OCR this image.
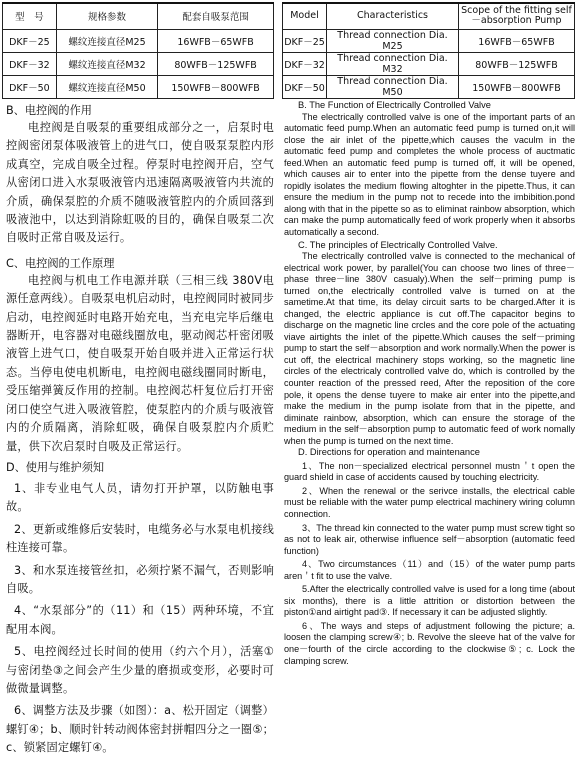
型　号	规格参数	配套自吸泵范围
DKF－25	螺纹连接直径M25	16WFB－65WFB
DKF－32	螺纹连接直径M32	80WFB－125WFB
DKF－50	螺纹连接直径M50	150WFB－800WFB
B、电控阀的作用

电控阀是自吸泵的重要组成部分之一，启泵时电控阀密闭泵体吸液管上的进气口，使自吸泵泵腔内形成真空，完成自吸全过程。停泵时电控阀开启，空气从密闭口进入水泵吸液管内迅速隔离吸液管内共流的介质，确保泵腔的介质不随吸液管腔内的介质回落到吸液池中，以达到消除虹吸的目的，确保自吸泵二次自吸时正常自吸及运行。

C、电控阀的工作原理

电控阀与机电工作电源并联（三相三线 380V电源任意两线）。自吸泵电机启动时，电控阀同时被同步启动，电控阀延时电路开始充电，当充电完毕后继电器断开，电容器对电磁线圈放电，驱动阀芯杆密闭吸液管上进气口，使自吸泵开始自吸并进入正常运行状态。当停电使电机断电，电控阀电磁线圈同时断电，受压缩弹簧反作用的控制。电控阀芯杆复位后打开密闭口使空气进入吸液管腔，使泵腔内的介质与吸液管内的介质隔离，消除虹吸，确保自吸泵腔内介质贮量，供下次启泵时自吸及正常运行。

D、使用与维护须知

1、非专业电气人员，请勿打开护罩，以防触电事故。

2、更新或维修后安装时，电缆务必与水泵电机接线柱连接可靠。

3、和水泵连接管丝扣，必须拧紧不漏气，否则影响自吸。

4、“水泵部分”的（11）和（15）两种环境，不宜配用本阀。

5、电控阀经过长时间的使用（约六个月），活塞①与密闭垫③之间会产生少量的磨损或变形，必要时可做微量调整。

6、调整方法及步骤（如图）：a、松开固定（调整）螺钉④；b、顺时针转动阀体密封拼帽四分之一圈⑤；c、锁紧固定螺钉④。

Model	Characteristics	Scope of the fitting self－absorption Pump
DKF－25	Thread connection Dia. M25	16WFB－65WFB
DKF－32	Thread connection Dia. M32	80WFB－125WFB
DKF－50	Thread connection Dia. M50	150WFB－800WFB
B. The Function of Electrically Controlled Valve

The electrically controlled valve is one of the important parts of an automatic feed pump.When an automatic feed pump is turned on,it will close the air inlet of the pipette,which causes the vaculm in the automatic feed pump and completes the whole process of auctmatic feed.When an automatic feed pump is turned off, it will be opened, which causes air to enter into the pipette from the dense tuyere and ropidly isolates the medium flowing altoghter in the pipette.Thus, it can ensure the medium in the pump not to recede into the imbibition.pond along with that in the pipette so as to eliminat rainbow absorption, which can make the pump automatically feed of work properly when it absorbs automatically a second.

C. The principles of Electrically Controlled Valve.

The electrically controlled valve is connected to the mechanical of electrical work power, by parallel(You can choose two lines of three－phase three－line 380V casualy).When the self－priming pump is turned on,the electrically controlled valve is turned on at the sametime.At that time, its delay circuit sarts to be charged.After it is changed, the electric appliance is cut off.The capacitor begins to discharge on the magnetic line crcles and the core pole of the actuating viave airtights the inlet of the pipette.Which causes the self－priming pump to start the self－absorption and work normally.When the power is cut off, the electrical machinery stops working, so the magnetic line circles of the electricaly controlled valve do, which is controlled by the counter reaction of the pressed reed, After the reposition of the core pole, it opens the dense tuyere to make air enter into the pipette,and make the medium in the pump isolate from that in the pipette, and diminate rainbow, absorption, which can ensure the storage of the medium in the self－absorption pump to automatic feed of work nomally when the pump is turned on the next time.

D. Directions for operation and maintenance

1、The non－specialized electrical personnel mustn＇t open the guard shield in case of accidents caused by touching electricity.

2、When the renewal or the serivce installs, the electrical cable must be reliable with the water pump electrical machinery wiring column connection.

3、The thread kin connected to the water pump must screw tight so as not to leak air, otherwise influence self－absorption (automatic feed function)

4、Two circumstances（11）and（15）of the water pump parts aren＇t fit to use the valve.

5.After the electrically controlled valve is used for a long time (about six months), there is a little attrition or distortion between the piston①and airtight pad③. If necessary it can be adjusted slightly.

6、The ways and steps of adjustment following the picture; a. loosen the clamping screw④; b. Revolve the sleeve hat of the valve for one－fourth of the circle according to the clockwise⑤; c. Lock the clamping screw.
